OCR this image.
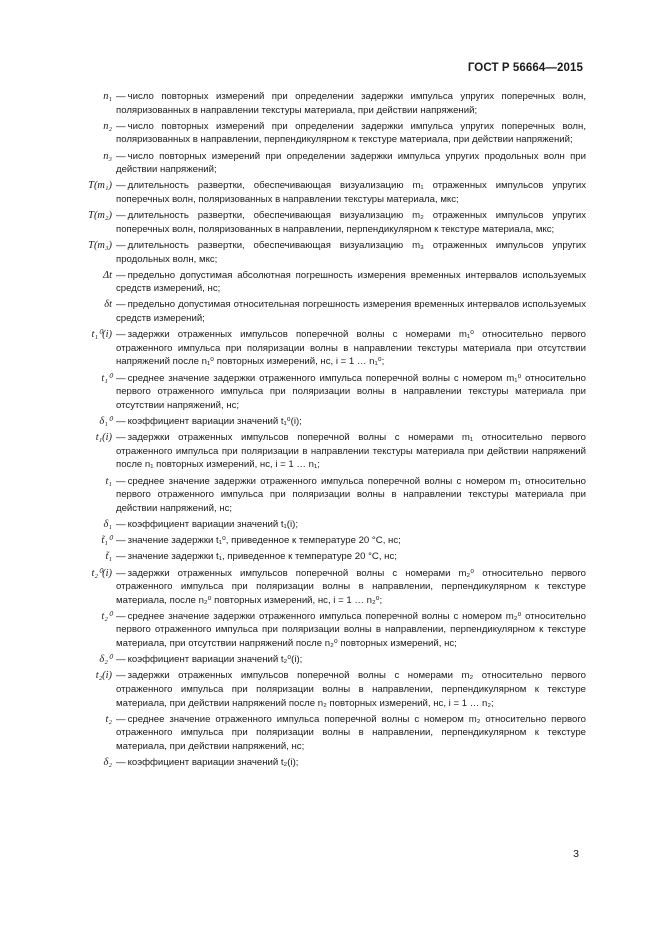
ГОСТ Р 56664—2015
n₁ — число повторных измерений при определении задержки импульса упругих поперечных волн, поляризованных в направлении текстуры материала, при действии напряжений;
n₂ — число повторных измерений при определении задержки импульса упругих поперечных волн, поляризованных в направлении, перпендикулярном к текстуре материала, при действии напряжений;
n₃ — число повторных измерений при определении задержки импульса упругих продольных волн при действии напряжений;
T(m₁) — длительность развертки, обеспечивающая визуализацию m₁ отраженных импульсов упругих поперечных волн, поляризованных в направлении текстуры материала, мкс;
T(m₂) — длительность развертки, обеспечивающая визуализацию m₂ отраженных импульсов упругих поперечных волн, поляризованных в направлении, перпендикулярном к текстуре материала, мкс;
T(m₃) — длительность развертки, обеспечивающая визуализацию m₃ отраженных импульсов упругих продольных волн, мкс;
Δt — предельно допустимая абсолютная погрешность измерения временных интервалов используемых средств измерений, нс;
δt — предельно допустимая относительная погрешность измерения временных интервалов используемых средств измерений;
t₁⁰(i) — задержки отраженных импульсов поперечной волны с номерами m₁⁰ относительно первого отраженного импульса при поляризации волны в направлении текстуры материала при отсутствии напряжений после n₁⁰ повторных измерений, нс, i = 1 … n₁⁰;
t₁⁰ — среднее значение задержки отраженного импульса поперечной волны с номером m₁⁰ относительно первого отраженного импульса при поляризации волны в направлении текстуры материала при отсутствии напряжений, нс;
δ₁⁰ — коэффициент вариации значений t₁⁰(i);
t₁(i) — задержки отраженных импульсов поперечной волны с номерами m₁ относительно первого отраженного импульса при поляризации в направлении текстуры материала при действии напряжений после n₁ повторных измерений, нс, i = 1 … n₁;
t₁ — среднее значение задержки отраженного импульса поперечной волны с номером m₁ относительно первого отраженного импульса при поляризации волны в направлении текстуры материала при действии напряжений, нс;
δ₁ — коэффициент вариации значений t₁(i);
t̃₁⁰ — значение задержки t₁⁰, приведенное к температуре 20 °С, нс;
t̃₁ — значение задержки t₁, приведенное к температуре 20 °С, нс;
t₂⁰(i) — задержки отраженных импульсов поперечной волны с номерами m₂⁰ относительно первого отраженного импульса при поляризации волны в направлении, перпендикулярном к текстуре материала, после n₂⁰ повторных измерений, нс, i = 1 … n₂⁰;
t₂⁰ — среднее значение задержки отраженного импульса поперечной волны с номером m₂⁰ относительно первого отраженного импульса при поляризации волны в направлении, перпендикулярном к текстуре материала, при отсутствии напряжений после n₂⁰ повторных измерений, нс;
δ₂⁰ — коэффициент вариации значений t₂⁰(i);
t₂(i) — задержки отраженных импульсов поперечной волны с номерами m₂ относительно первого отраженного импульса при поляризации волны в направлении, перпендикулярном к текстуре материала, при действии напряжений после n₂ повторных измерений, нс, i = 1 … n₂;
t₂ — среднее значение отраженного импульса поперечной волны с номером m₂ относительно первого отраженного импульса при поляризации волны в направлении, перпендикулярном к текстуре материала, при действии напряжений, нс;
δ₂ — коэффициент вариации значений t₂(i);
3
